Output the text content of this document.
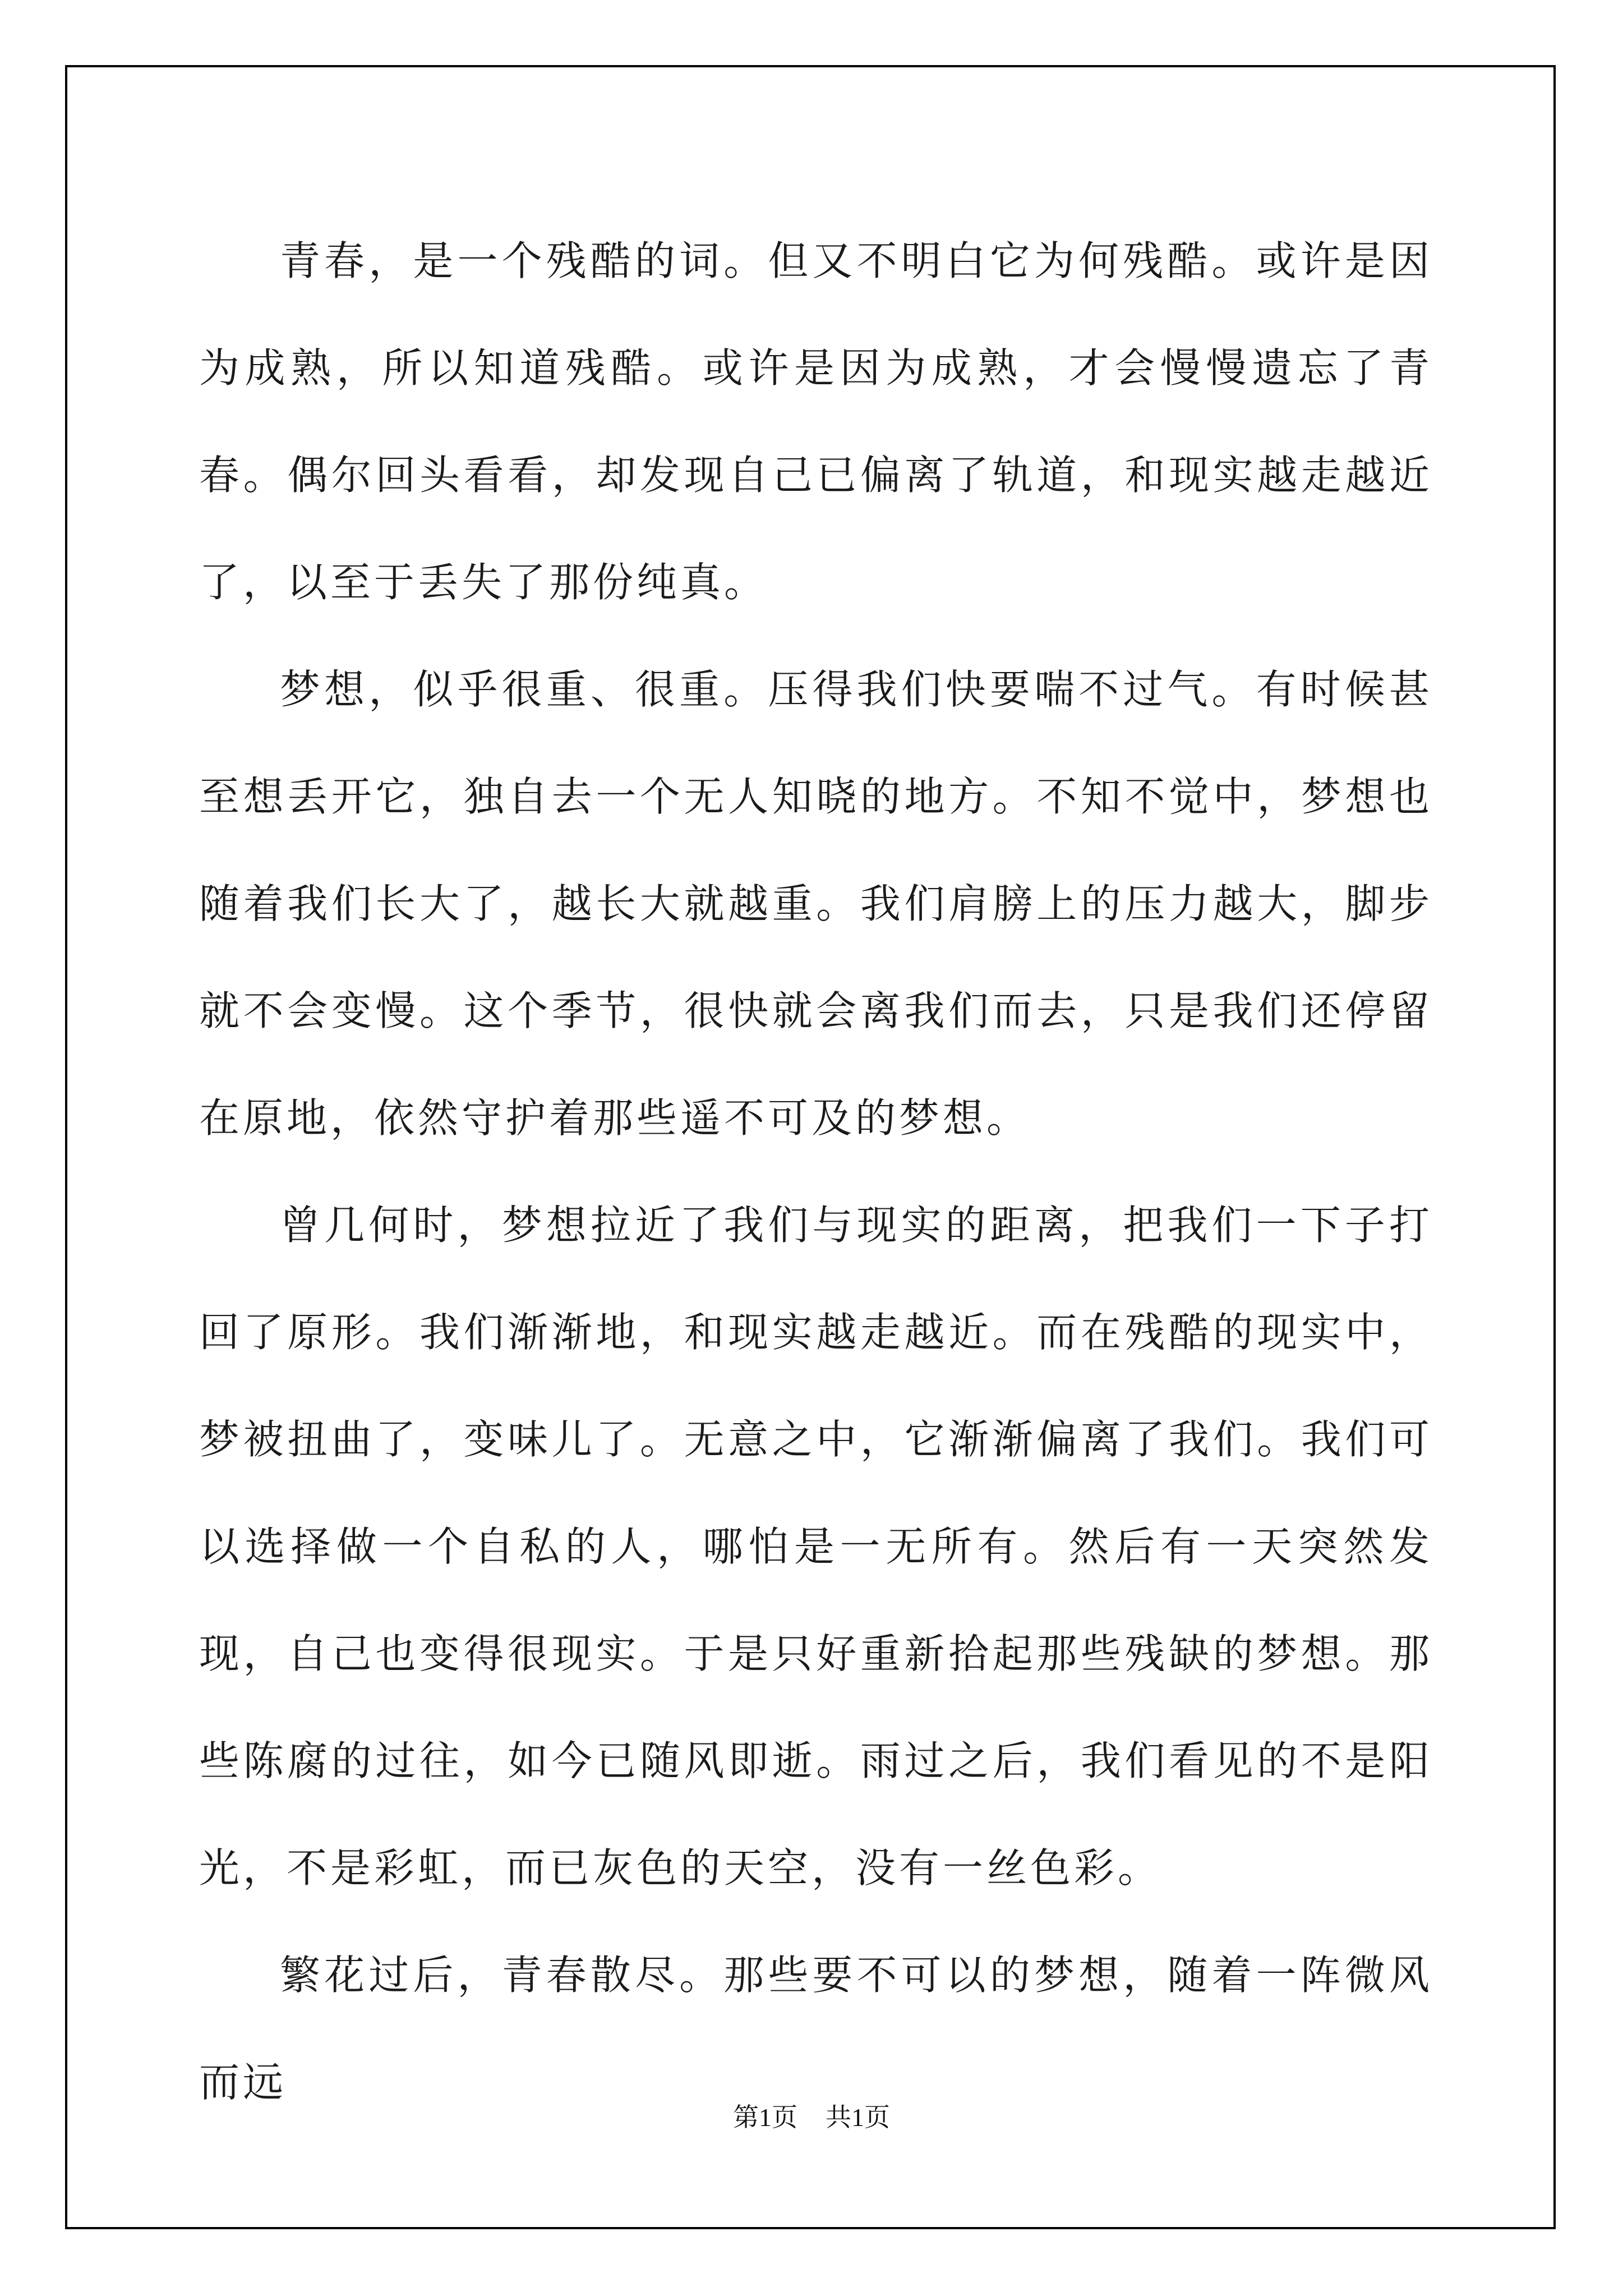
青春，是一个残酷的词。但又不明白它为何残酷。或许是因为成熟，所以知道残酷。或许是因为成熟，才会慢慢遗忘了青春。偶尔回头看看，却发现自己已偏离了轨道，和现实越走越近了，以至于丢失了那份纯真。

梦想，似乎很重、很重。压得我们快要喘不过气。有时候甚至想丢开它，独自去一个无人知晓的地方。不知不觉中，梦想也随着我们长大了，越长大就越重。我们肩膀上的压力越大，脚步就不会变慢。这个季节，很快就会离我们而去，只是我们还停留在原地，依然守护着那些遥不可及的梦想。

曾几何时，梦想拉近了我们与现实的距离，把我们一下子打回了原形。我们渐渐地，和现实越走越近。而在残酷的现实中，梦被扭曲了，变味儿了。无意之中，它渐渐偏离了我们。我们可以选择做一个自私的人，哪怕是一无所有。然后有一天突然发现，自己也变得很现实。于是只好重新拾起那些残缺的梦想。那些陈腐的过往，如今已随风即逝。雨过之后，我们看见的不是阳光，不是彩虹，而已灰色的天空，没有一丝色彩。

繁花过后，青春散尽。那些要不可以的梦想，随着一阵微风而远

第1页 共1页
